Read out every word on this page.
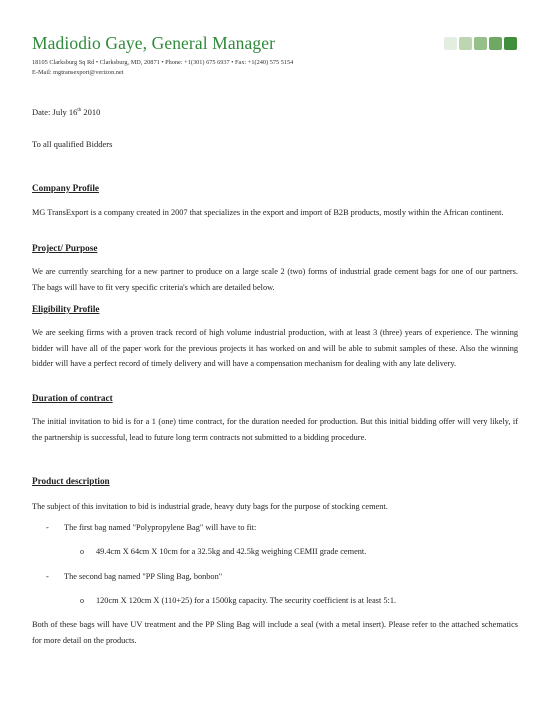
Madiodio Gaye, General Manager
18105 Clarksburg Sq Rd • Clarksburg, MD, 20871 • Phone: +1(301) 675 6937 • Fax: +1(240) 575 5154
E-Mail: mgtransexport@verizon.net
Date: July 16th 2010
To all qualified Bidders
Company Profile
MG TransExport is a company created in 2007 that specializes in the export and import of B2B products, mostly within the African continent.
Project/ Purpose
We are currently searching for a new partner to produce on a large scale 2 (two) forms of industrial grade cement bags for one of our partners. The bags will have to fit very specific criteria's which are detailed below.
Eligibility Profile
We are seeking firms with a proven track record of high volume industrial production, with at least 3 (three) years of experience. The winning bidder will have all of the paper work for the previous projects it has worked on and will be able to submit samples of these. Also the winning bidder will have a perfect record of timely delivery and will have a compensation mechanism for dealing with any late delivery.
Duration of contract
The initial invitation to bid is for a 1 (one) time contract, for the duration needed for production. But this initial bidding offer will very likely, if the partnership is successful, lead to future long term contracts not submitted to a bidding procedure.
Product description
The subject of this invitation to bid is industrial grade, heavy duty bags for the purpose of stocking cement.
- The first bag named "Polypropylene Bag" will have to fit:
o 49.4cm X 64cm X 10cm for a 32.5kg and 42.5kg weighing CEMII grade cement.
- The second bag named "PP Sling Bag, bonbon"
o 120cm X 120cm X (110+25) for a 1500kg capacity. The security coefficient is at least 5:1.
Both of these bags will have UV treatment and the PP Sling Bag will include a seal (with a metal insert). Please refer to the attached schematics for more detail on the products.
